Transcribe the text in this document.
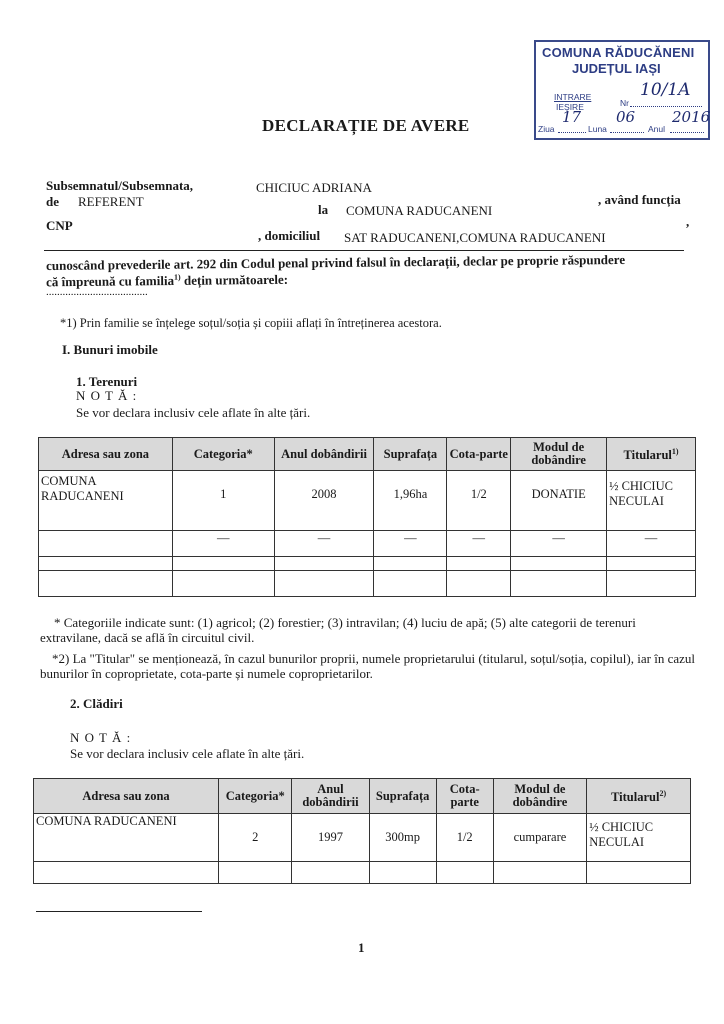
COMUNA RĂDUCĂNENI
JUDEȚUL IAȘI
INTRARE
IEȘIRE	Nr
10/1A
Ziua
17
Luna
06
Anul
2016
DECLARAȚIE DE AVERE
Subsemnatul/Subsemnata,	CHICIUC ADRIANA
, având funcția
de REFERENT
la COMUNA RADUCANENI
,
CNP
, domiciliul SAT RADUCANENI,COMUNA RADUCANENI
cunoscând prevederile art. 292 din Codul penal privind falsul în declarații, declar pe proprie răspundere
că împreună cu familia$^{1)}$ dețin următoarele:
.....................................
*1) Prin familie se înțelege soțul/soția și copiii aflați în întreținerea acestora.
I. Bunuri imobile
1. Terenuri
N O T Ă :
Se vor declara inclusiv cele aflate în alte țări.
Adresa sau zona	Categoria*	Anul dobândirii	Suprafața	Cota-parte	Modul de dobândire	Titularul$^{1)}$
COMUNA RADUCANENI	1	2008	1,96ha	1/2	DONATIE	½ CHICIUC NECULAI
—	—	—	—	—	—	—

* Categoriile indicate sunt: (1) agricol; (2) forestier; (3) intravilan; (4) luciu de apă; (5) alte categorii de terenuri extravilane, dacă se află în circuitul civil.
*2) La "Titular" se menționează, în cazul bunurilor proprii, numele proprietarului (titularul, soțul/soția, copilul), iar în cazul bunurilor în coproprietate, cota-parte și numele coproprietarilor.
2. Clădiri
N O T Ă :
Se vor declara inclusiv cele aflate în alte țări.
Adresa sau zona	Categoria*	Anul dobândirii	Suprafața	Cota-parte	Modul de dobândire	Titularul$^{2)}$
COMUNA RADUCANENI	2	1997	300mp	1/2	cumparare	½ CHICIUC NECULAI

1
